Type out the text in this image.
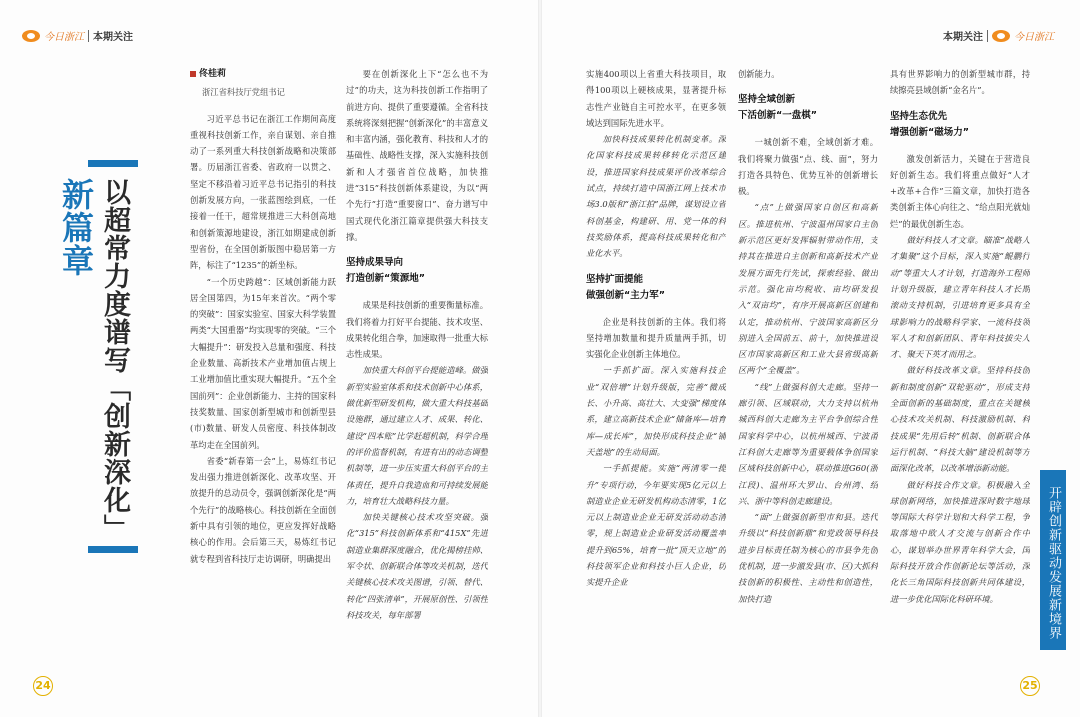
今日浙江 本期关注	本期关注	今日浙江
以超常力度谱写「创新深化」新篇章
佟桂莉
浙江省科技厅党组书记

习近平总书记在浙江工作期间高度重视科技创新工作，亲自谋划、亲自推动了一系列重大科技创新战略和决策部署。历届浙江省委、省政府一以贯之、坚定不移沿着习近平总书记指引的科技创新发展方向，一张蓝图绘到底，一任接着一任干，超常规推进三大科创高地和创新策源地建设，浙江如期建成创新型省份，在全国创新版图中稳居第一方阵，标注了“1235”的新坐标。

“一个历史跨越”：区域创新能力跃居全国第四，为15年来首次。“两个零的突破”：国家实验室、国家大科学装置两类“大国重器”均实现零的突破。“三个大幅提升”：研发投入总量和强度、科技企业数量、高新技术产业增加值占规上工业增加值比重实现大幅提升。“五个全国前列”：企业创新能力、主持的国家科技奖数量、国家创新型城市和创新型县(市)数量、研发人员密度、科技体制改革均走在全国前列。

省委“新春第一会”上，易炼红书记发出强力推进创新深化、改革攻坚、开放提升的总动员令，强调创新深化是“两个先行”的战略核心。科技创新在全面创新中具有引领的地位，更应发挥好战略核心的作用。会后第三天，易炼红书记就专程到省科技厅走访调研，明确提出

要在创新深化上下“怎么也不为过”的功夫，这为科技创新工作指明了前进方向、提供了重要遵循。全省科技系统将深刻把握“创新深化”的丰富意义和丰富内涵，强化教育、科技和人才的基础性、战略性支撑，深入实施科技创新和人才强省首位战略，加快推进“315”科技创新体系建设，为以“两个先行”打造“重要窗口”、奋力谱写中国式现代化浙江篇章提供强大科技支撑。

坚持成果导向
打造创新“策源地”

成果是科技创新的重要衡量标准。我们将着力打好平台提能、技术攻坚、成果转化组合拳，加速取得一批重大标志性成果。

加快重大科创平台提能造峰。做强新型实验室体系和技术创新中心体系，做优新型研发机构，做大重大科技基础设施群，通过建立人才、成果、转化、建设“四本账”比学赶超机制，科学合理的评价监督机制，有进有出的动态调整机制等，进一步压实重大科创平台的主体责任，提升自我造血和可持续发展能力，培育壮大战略科技力量。

加快关键核心技术攻坚突破。强化“315”科技创新体系和“415X”先进制造业集群深度融合，优化揭榜挂帅、军令状、创新联合体等攻关机制，迭代关键核心技术攻关图谱，引领、替代、转化“四张清单”，开展原创性、引领性科技攻关，每年部署

实施400项以上省重大科技项目，取得100项以上硬核成果，显著提升标志性产业链自主可控水平，在更多领域达到国际先进水平。

加快科技成果转化机制变革。深化国家科技成果转移转化示范区建设，推进国家科技成果评价改革综合试点，持续打造中国浙江网上技术市场3.0版和“浙江拍”品牌，谋划设立省科创基金，构建研、用、党一体的科技奖励体系，提高科技成果转化和产业化水平。

坚持扩面提能
做强创新“主力军”

企业是科技创新的主体。我们将坚持增加数量和提升质量两手抓，切实强化企业创新主体地位。

一手抓扩面。深入实施科技企业“双倍增”计划升级版，完善“微成长、小升高、高壮大、大变强”梯度体系，建立高新技术企业“储备库—培育库—成长库”，加快形成科技企业“铺天盖地”的生动局面。

一手抓提能。实施“两清零一提升”专项行动，今年要实现5亿元以上制造业企业无研发机构动态清零，1亿元以上制造业企业无研发活动动态清零，规上制造业企业研发活动覆盖率提升到65%，培育一批“顶天立地”的科技领军企业和科技小巨人企业，切实提升企业

创新能力。

坚持全域创新
下活创新“一盘棋”

一城创新不难，全域创新才难。我们将聚力做强“点、线、面”，努力打造各具特色、优势互补的创新增长极。

“点”上做强国家自创区和高新区。推进杭州、宁波温州国家自主创新示范区更好发挥辐射带动作用，支持其在推进自主创新和高新技术产业发展方面先行先试，探索经验、做出示范。强化亩均税收、亩均研发投入“双亩均”，有序开展高新区创建和认定，推动杭州、宁波国家高新区分别进入全国前五、前十，加快推进设区市国家高新区和工业大县省级高新区两个“全覆盖”。

“线”上做强科创大走廊。坚持一廊引领、区域联动，大力支持以杭州城西科创大走廊为主平台争创综合性国家科学中心，以杭州城西、宁波甬江科创大走廊等为重要载体争创国家区域科技创新中心，联动推进G60(浙江段)、温州环大罗山、台州湾、绍兴、浙中等科创走廊建设。

“面”上做强创新型市和县。迭代升级以“科技创新鼎”和党政领导科技进步目标责任制为核心的市县争先创优机制，进一步激发县(市、区)大抓科技创新的积极性、主动性和创造性，加快打造

具有世界影响力的创新型城市群，持续擦亮县域创新“金名片”。

坚持生态优先
增强创新“磁场力”

激发创新活力，关键在于营造良好创新生态。我们将重点做好“人才+改革+合作”三篇文章，加快打造各类创新主体心向往之、“给点阳光就灿烂”的最优创新生态。

做好科技人才文章。瞄准“战略人才集聚”这个目标，深入实施“鲲鹏行动”等重大人才计划，打造海外工程师计划升级版，建立青年科技人才长期滚动支持机制，引进培育更多具有全球影响力的战略科学家、一流科技领军人才和创新团队、青年科技拔尖人才、聚天下英才而用之。

做好科技改革文章。坚持科技创新和制度创新“双轮驱动”，形成支持全面创新的基础制度，重点在关键核心技术攻关机制、科技激励机制、科技成果“先用后转”机制、创新联合体运行机制、“科技大脑”建设机制等方面深化改革，以改革增添新动能。

做好科技合作文章。积极融入全球创新网络，加快推进深时数字地球等国际大科学计划和大科学工程，争取落地中欧人才交流与创新合作中心，谋划举办世界青年科学大会，国际科技开放合作创新论坛等活动，深化长三角国际科技创新共同体建设，进一步优化国际化科研环境。	开辟创新驱动发展新境界
24	25
